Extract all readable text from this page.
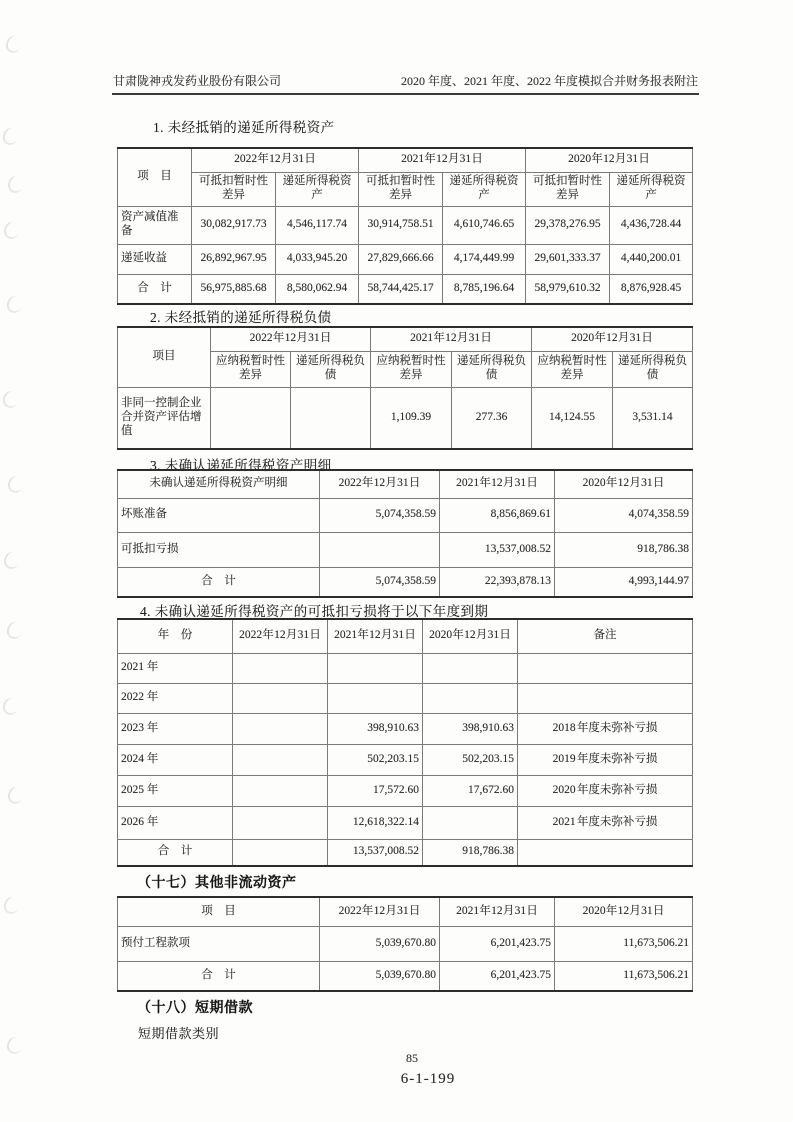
甘肃陇神戎发药业股份有限公司	2020 年度、2021 年度、2022 年度模拟合并财务报表附注
1. 未经抵销的递延所得税资产
项　目	2022 年 12 月 31 日		2021 年 12 月 31 日		2020 年 12 月 31 日	
	可抵扣暂时性差异	递延所得税资产	可抵扣暂时性差异	递延所得税资产	可抵扣暂时性差异	递延所得税资产
资产减值准备	30,082,917.73	4,546,117.74	30,914,758.51	4,610,746.65	29,378,276.95	4,436,728.44
递延收益	26,892,967.95	4,033,945.20	27,829,666.66	4,174,449.99	29,601,333.37	4,440,200.01
合　计	56,975,885.68	8,580,062.94	58,744,425.17	8,785,196.64	58,979,610.32	8,876,928.45
2. 未经抵销的递延所得税负债
项目	2022 年 12 月 31 日		2021 年 12 月 31 日		2020 年 12 月 31 日	
	应纳税暂时性差异	递延所得税负债	应纳税暂时性差异	递延所得税负债	应纳税暂时性差异	递延所得税负债
非同一控制企业合并资产评估增值			1,109.39	277.36	14,124.55	3,531.14
3. 未确认递延所得税资产明细
未确认递延所得税资产明细	2022 年 12 月 31 日	2021 年 12 月 31 日	2020 年 12 月 31 日
坏账准备	5,074,358.59	8,856,869.61	4,074,358.59
可抵扣亏损		13,537,008.52	918,786.38
合　计	5,074,358.59	22,393,878.13	4,993,144.97
4. 未确认递延所得税资产的可抵扣亏损将于以下年度到期
年　份	2022 年 12 月 31 日	2021 年 12 月 31 日	2020 年 12 月 31 日	备注
2021 年				
2022 年				
2023 年		398,910.63	398,910.63	2018 年度未弥补亏损
2024 年		502,203.15	502,203.15	2019 年度未弥补亏损
2025 年		17,572.60	17,672.60	2020 年度未弥补亏损
2026 年		12,618,322.14		2021 年度未弥补亏损
合　计		13,537,008.52	918,786.38	
（十七）其他非流动资产
项　目	2022 年 12 月 31 日	2021 年 12 月 31 日	2020 年 12 月 31 日
预付工程款项	5,039,670.80	6,201,423.75	11,673,506.21
合　计	5,039,670.80	6,201,423.75	11,673,506.21
（十八）短期借款
短期借款类别
85
6-1-199
